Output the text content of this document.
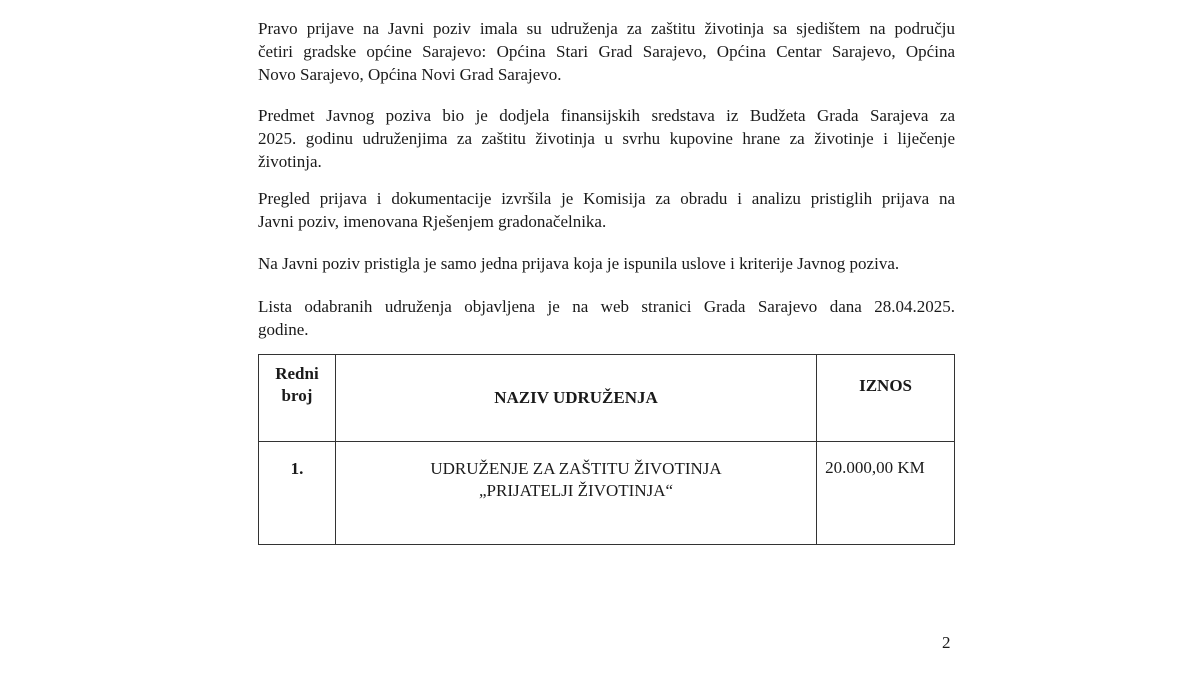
Pravo prijave na Javni poziv imala su udruženja za zaštitu životinja sa sjedištem na području
četiri gradske općine Sarajevo: Općina Stari Grad Sarajevo, Općina Centar Sarajevo, Općina
Novo Sarajevo, Općina Novi Grad Sarajevo.

Predmet Javnog poziva bio je dodjela finansijskih sredstava iz Budžeta Grada Sarajeva za
2025. godinu udruženjima za zaštitu životinja u svrhu kupovine hrane za životinje i liječenje
životinja.

Pregled prijava i dokumentacije izvršila je Komisija za obradu i analizu pristiglih prijava na
Javni poziv, imenovana Rješenjem gradonačelnika.

Na Javni poziv pristigla je samo jedna prijava koja je ispunila uslove i kriterije Javnog poziva.

Lista odabranih udruženja objavljena je na web stranici Grada Sarajevo dana 28.04.2025.
godine.

Redni
broj	NAZIV UDRUŽENJA	IZNOS
1.	UDRUŽENJE ZA ZAŠTITU ŽIVOTINJA
„PRIJATELJI ŽIVOTINJA“	20.000,00 KM
2
